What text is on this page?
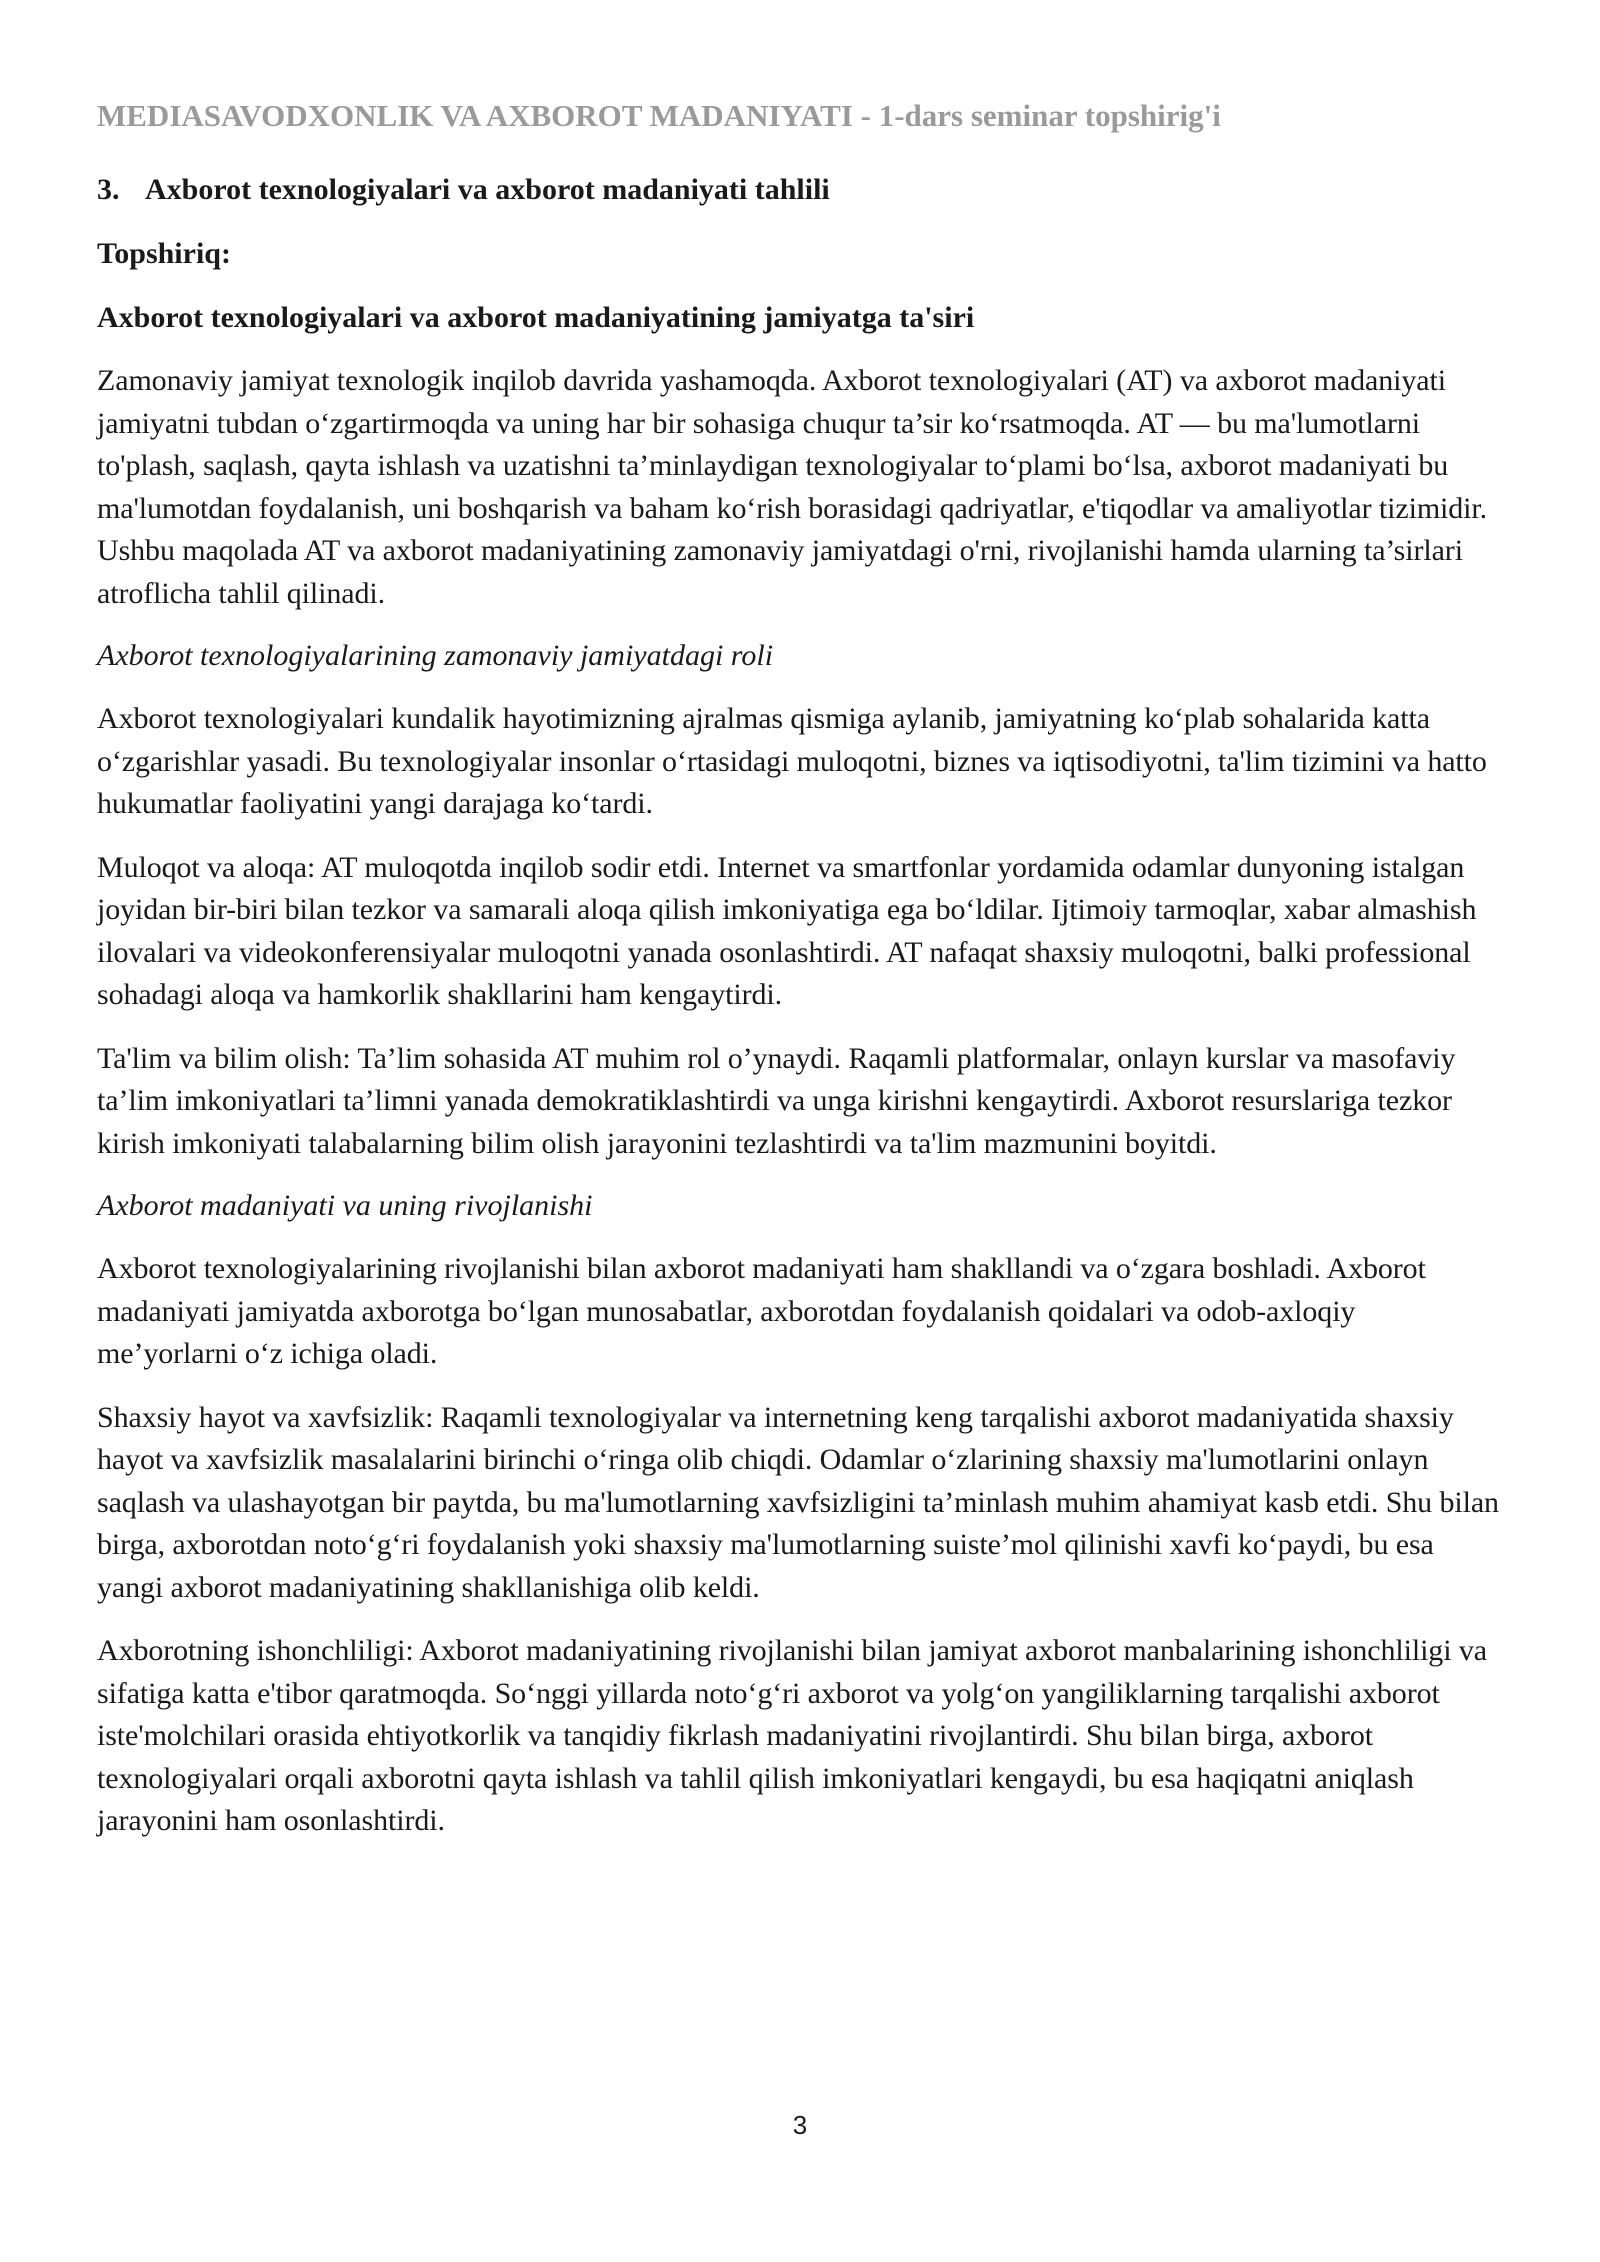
MEDIASAVODXONLIK VA AXBOROT MADANIYATI - 1-dars seminar topshirig'i
3. Axborot texnologiyalari va axborot madaniyati tahlili
Topshiriq:
Axborot texnologiyalari va axborot madaniyatining jamiyatga ta'siri
Zamonaviy jamiyat texnologik inqilob davrida yashamoqda. Axborot texnologiyalari (AT) va axborot madaniyati jamiyatni tubdan o‘zgartirmoqda va uning har bir sohasiga chuqur ta’sir ko‘rsatmoqda. AT — bu ma'lumotlarni to'plash, saqlash, qayta ishlash va uzatishni ta’minlaydigan texnologiyalar to‘plami bo‘lsa, axborot madaniyati bu ma'lumotdan foydalanish, uni boshqarish va baham ko‘rish borasidagi qadriyatlar, e'tiqodlar va amaliyotlar tizimidir. Ushbu maqolada AT va axborot madaniyatining zamonaviy jamiyatdagi o'rni, rivojlanishi hamda ularning ta’sirlari atroflicha tahlil qilinadi.
Axborot texnologiyalarining zamonaviy jamiyatdagi roli
Axborot texnologiyalari kundalik hayotimizning ajralmas qismiga aylanib, jamiyatning ko‘plab sohalarida katta o‘zgarishlar yasadi. Bu texnologiyalar insonlar o‘rtasidagi muloqotni, biznes va iqtisodiyotni, ta'lim tizimini va hatto hukumatlar faoliyatini yangi darajaga ko‘tardi.
Muloqot va aloqa: AT muloqotda inqilob sodir etdi. Internet va smartfonlar yordamida odamlar dunyoning istalgan joyidan bir-biri bilan tezkor va samarali aloqa qilish imkoniyatiga ega bo‘ldilar. Ijtimoiy tarmoqlar, xabar almashish ilovalari va videokonferensiyalar muloqotni yanada osonlashtirdi. AT nafaqat shaxsiy muloqotni, balki professional sohadagi aloqa va hamkorlik shakllarini ham kengaytirdi.
Ta'lim va bilim olish: Ta’lim sohasida AT muhim rol o’ynaydi. Raqamli platformalar, onlayn kurslar va masofaviy ta’lim imkoniyatlari ta’limni yanada demokratiklashtirdi va unga kirishni kengaytirdi. Axborot resurslariga tezkor kirish imkoniyati talabalarning bilim olish jarayonini tezlashtirdi va ta'lim mazmunini boyitdi.
Axborot madaniyati va uning rivojlanishi
Axborot texnologiyalarining rivojlanishi bilan axborot madaniyati ham shakllandi va o‘zgara boshladi. Axborot madaniyati jamiyatda axborotga bo‘lgan munosabatlar, axborotdan foydalanish qoidalari va odob-axloqiy me’yorlarni o‘z ichiga oladi.
Shaxsiy hayot va xavfsizlik: Raqamli texnologiyalar va internetning keng tarqalishi axborot madaniyatida shaxsiy hayot va xavfsizlik masalalarini birinchi o‘ringa olib chiqdi. Odamlar o‘zlarining shaxsiy ma'lumotlarini onlayn saqlash va ulashayotgan bir paytda, bu ma'lumotlarning xavfsizligini ta’minlash muhim ahamiyat kasb etdi. Shu bilan birga, axborotdan noto‘g‘ri foydalanish yoki shaxsiy ma'lumotlarning suiste’mol qilinishi xavfi ko‘paydi, bu esa yangi axborot madaniyatining shakllanishiga olib keldi.
Axborotning ishonchliligi: Axborot madaniyatining rivojlanishi bilan jamiyat axborot manbalarining ishonchliligi va sifatiga katta e'tibor qaratmoqda. So‘nggi yillarda noto‘g‘ri axborot va yolg‘on yangiliklarning tarqalishi axborot iste'molchilari orasida ehtiyotkorlik va tanqidiy fikrlash madaniyatini rivojlantirdi. Shu bilan birga, axborot texnologiyalari orqali axborotni qayta ishlash va tahlil qilish imkoniyatlari kengaydi, bu esa haqiqatni aniqlash jarayonini ham osonlashtirdi.
3
